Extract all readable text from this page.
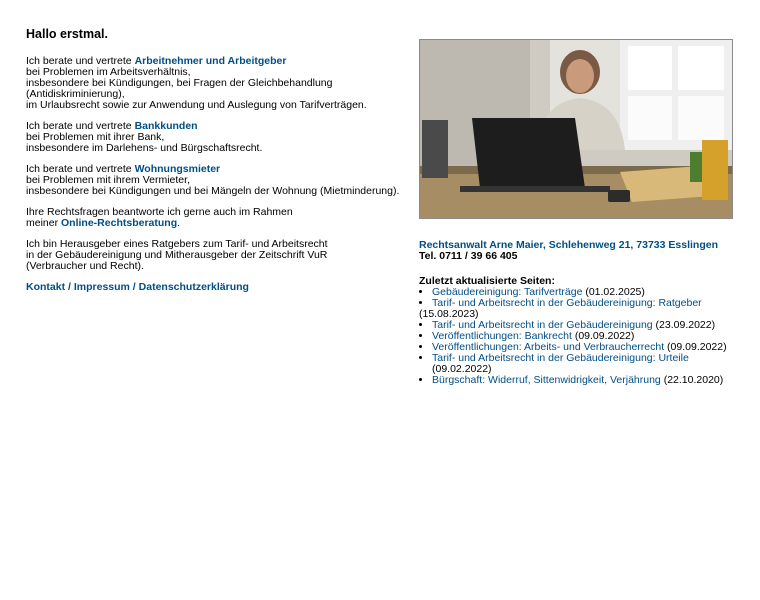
Hallo erstmal.

Ich berate und vertrete Arbeitnehmer und Arbeitgeber
bei Problemen im Arbeitsverhältnis,
insbesondere bei Kündigungen, bei Fragen der Gleichbehandlung (Antidiskriminierung),
im Urlaubsrecht sowie zur Anwendung und Auslegung von Tarifverträgen.

Ich berate und vertrete Bankkunden
bei Problemen mit ihrer Bank,
insbesondere im Darlehens- und Bürgschaftsrecht.

Ich berate und vertrete Wohnungsmieter
bei Problemen mit ihrem Vermieter,
insbesondere bei Kündigungen und bei Mängeln der Wohnung (Mietminderung).

Ihre Rechtsfragen beantworte ich gerne auch im Rahmen
meiner Online-Rechtsberatung.

Ich bin Herausgeber eines Ratgebers zum Tarif- und Arbeitsrecht
in der Gebäudereinigung und Mitherausgeber der Zeitschrift VuR
(Verbraucher und Recht).

Kontakt / Impressum / Datenschutzerklärung

Rechtsanwalt Arne Maier, Schlehenweg 21, 73733 Esslingen
Tel. 0711 / 39 66 405
Zuletzt aktualisierte Seiten:
• Gebäudereinigung: Tarifverträge (01.02.2025)
• Tarif- und Arbeitsrecht in der Gebäudereinigung: Ratgeber
(15.08.2023)
• Tarif- und Arbeitsrecht in der Gebäudereinigung (23.09.2022)
• Veröffentlichungen: Bankrecht (09.09.2022)
• Veröffentlichungen: Arbeits- und Verbraucherrecht (09.09.2022)
• Tarif- und Arbeitsrecht in der Gebäudereinigung: Urteile (09.02.2022)
• Bürgschaft: Widerruf, Sittenwidrigkeit, Verjährung (22.10.2020)
